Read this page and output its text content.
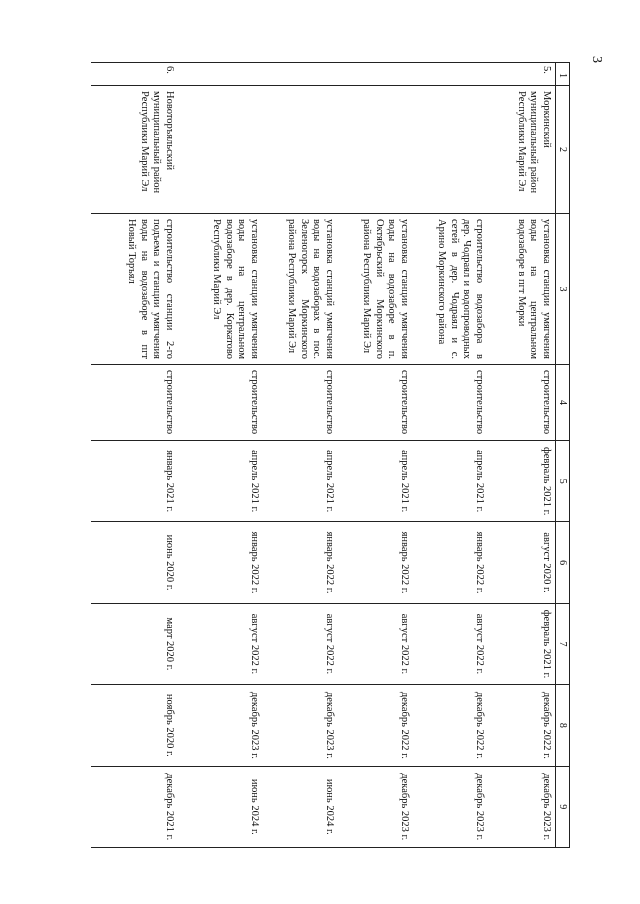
3
1	2	3	4	5	6	7	8	9
5.	Моркинский муниципальный район Республики Марий Эл	установка станции умягчения воды на центральном водозаборе в пгт Морки	строительство	февраль 2021 г.	август 2020 г.	февраль 2021 г.	декабрь 2022 г.	декабрь 2023 г.
		строительство водозабора в дер. Чодраял и водопроводных сетей в дер. Чодраял и с. Арино Моркинского района	строительство	апрель 2021 г.	январь 2022 г.	август 2022 г.	декабрь 2022 г.	декабрь 2023 г.
		установка станции умягчения воды на водозаборе в п. Октябрьский Моркинского района Республики Марий Эл	строительство	апрель 2021 г.	январь 2022 г.	август 2022 г.	декабрь 2022 г.	декабрь 2023 г.
		установка станций умягчения воды на водозаборах в пос. Зеленогорск Моркинского района Республики Марий Эл	строительство	апрель 2021 г.	январь 2022 г.	август 2022 г.	декабрь 2023 г.	июнь 2024 г.
		установка станции умягчения воды на центральном водозаборе в дер. Коркатово Республики Марий Эл	строительство	апрель 2021 г.	январь 2022 г.	август 2022 г.	декабрь 2023 г.	июнь 2024 г.
6.	Новоторъяльский муниципальный район Республики Марий Эл	строительство станции 2-го подъема и станции умягчения воды на водозаборе в пгт Новый Торъял	строительство	январь 2021 г.	июнь 2020 г.	март 2020 г.	ноябрь 2020 г.	декабрь 2021 г.
